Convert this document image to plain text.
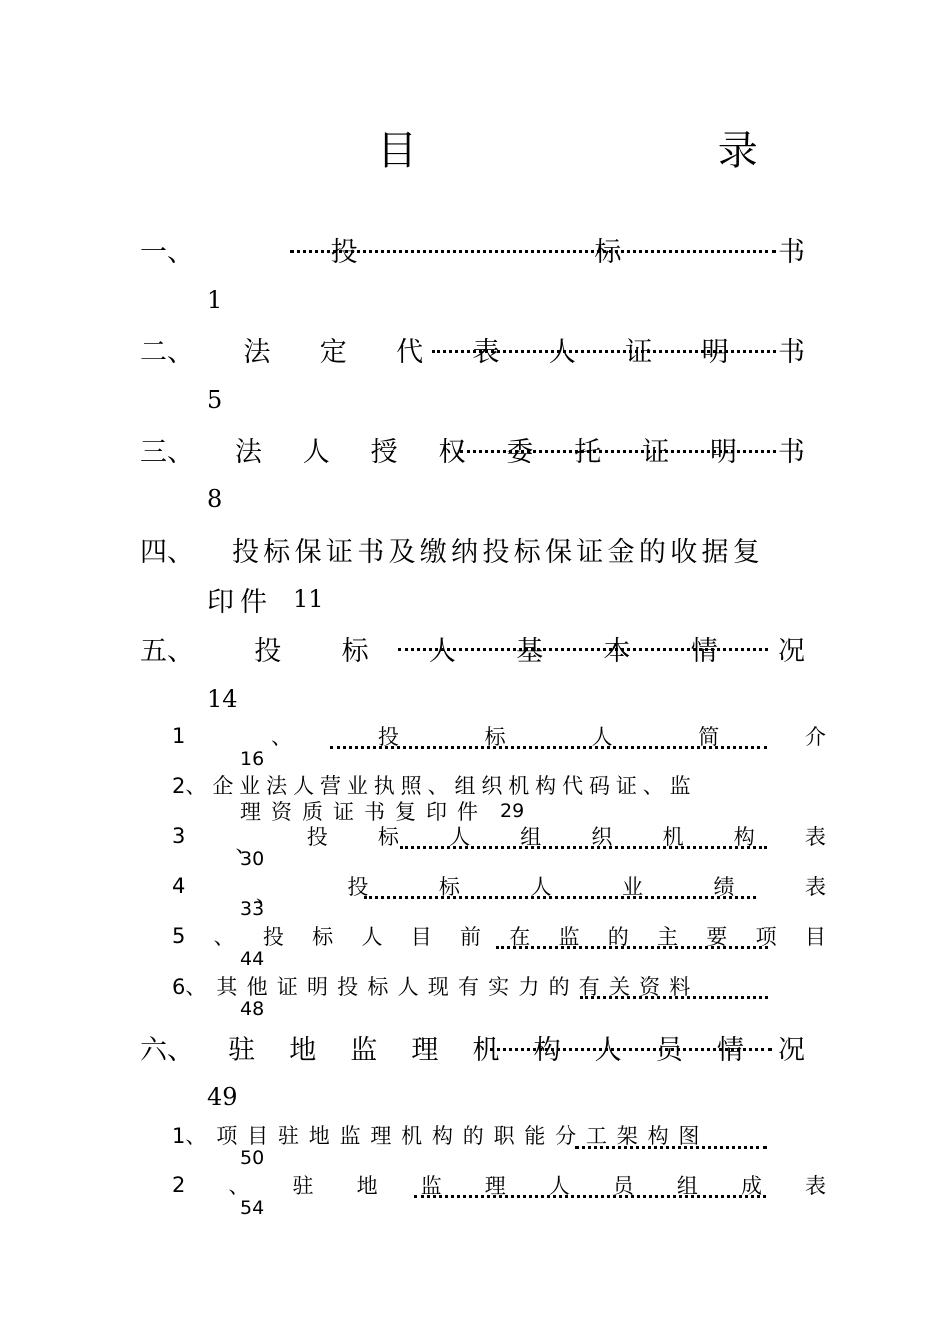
目 录
一、	投	标	书
1
二、 法 定 代 表 人 证 明 书
5
三、 法 人 授 权 委 托 证 明 书
8
四、 投标保证书及缴纳投标保证金的收据复
印件 11
五、 投 标 人 基 本 情 况
14
1	、	投	标	人	简	介
16
2、 企业法人营业执照、组织机构代码证、监
理资质证书复印件 29
3 、 投 标 人 组 织 机 构 表
30
4	、	投	标	人	业	绩	表
33
5 、 投 标 人 目 前 在 监 的 主 要 项 目
44
6、 其他证明投标人现有实力的有关资料
48
六、 驻 地 监 理 机 构 人 员 情 况
49
1、 项目驻地监理机构的职能分工架构图
50
2 、 驻 地 监 理 人 员 组 成 表
54
